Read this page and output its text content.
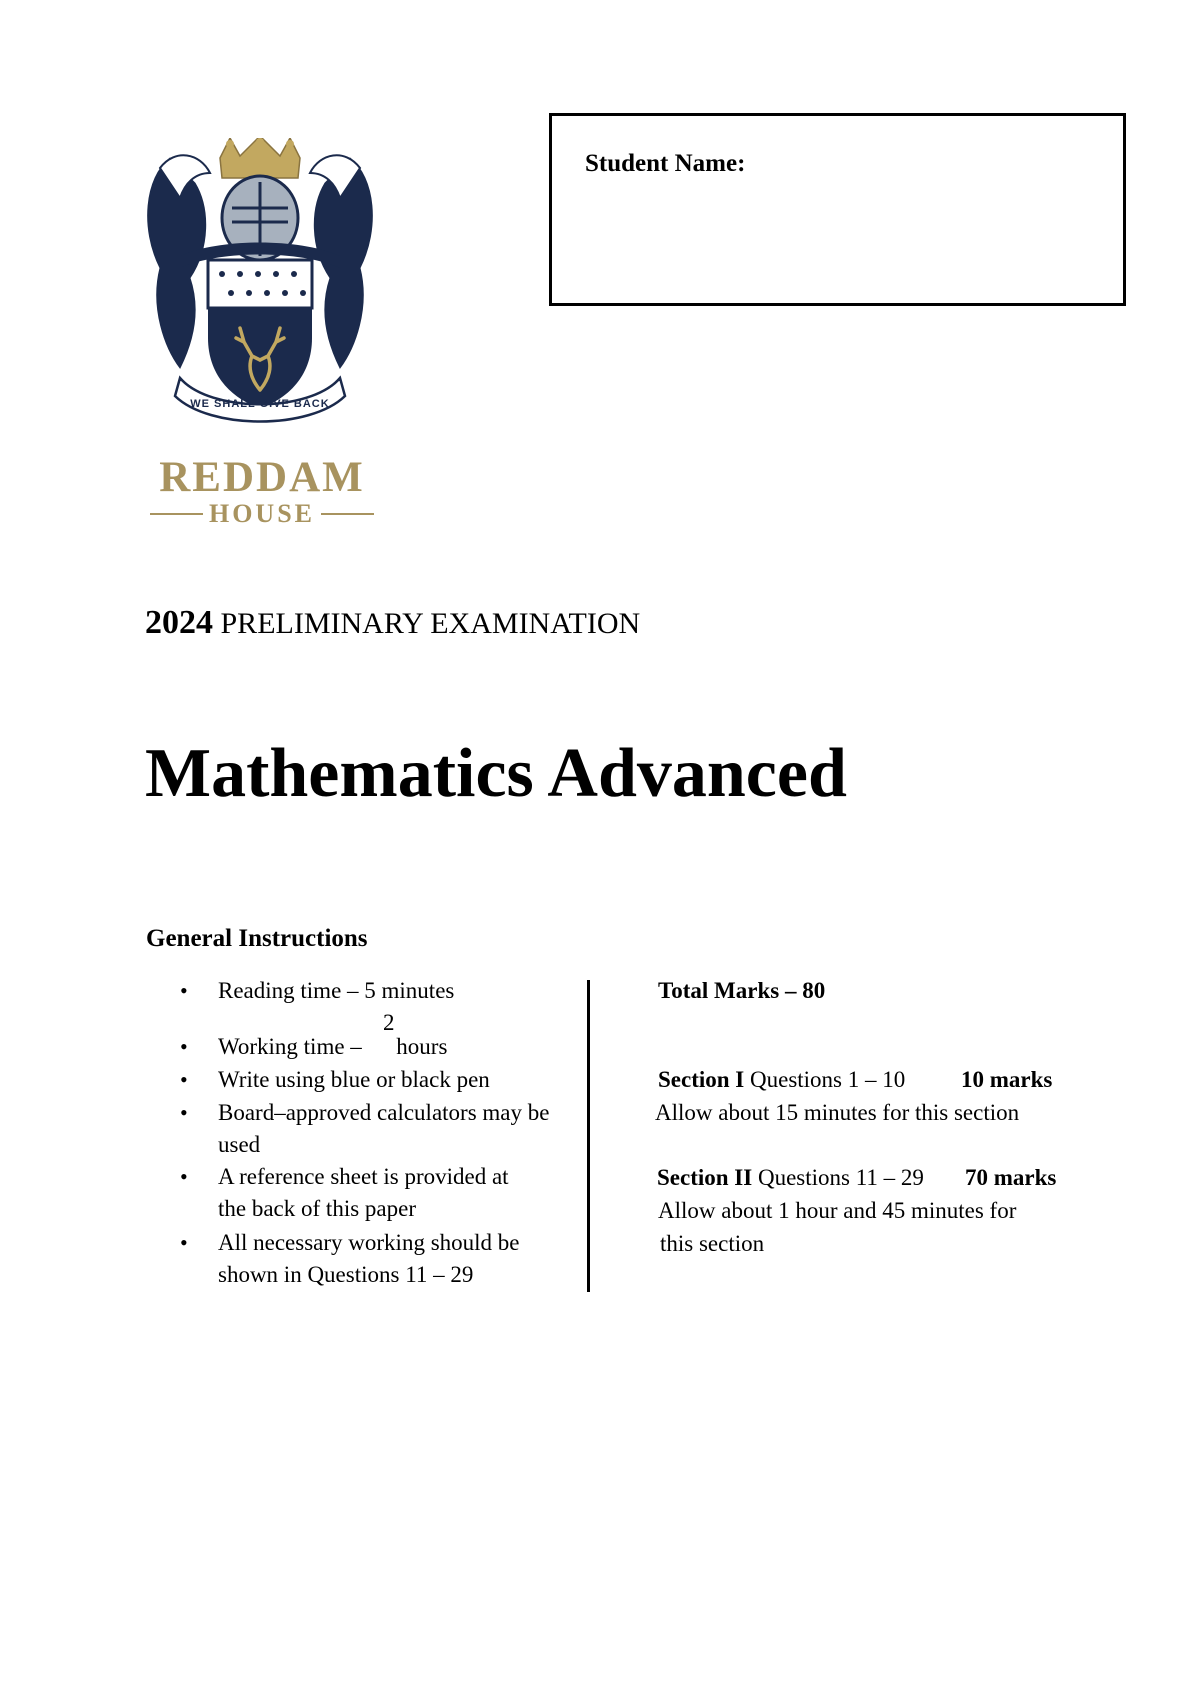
WE SHALL GIVE BACK
REDDAM
HOUSE
Student Name:
2024 PRELIMINARY EXAMINATION
Mathematics Advanced
General Instructions
• Reading time – 5 minutes
•
2
Working time –      hours
• Write using blue or black pen
• Board–approved calculators may be used
• A reference sheet is provided at the back of this paper
• All necessary working should be shown in Questions 11 – 29
Total Marks – 80
Section I Questions 1 – 10 10 marks
Allow about 15 minutes for this section
Section II Questions 11 – 29 70 marks
Allow about 1 hour and 45 minutes for
this section
